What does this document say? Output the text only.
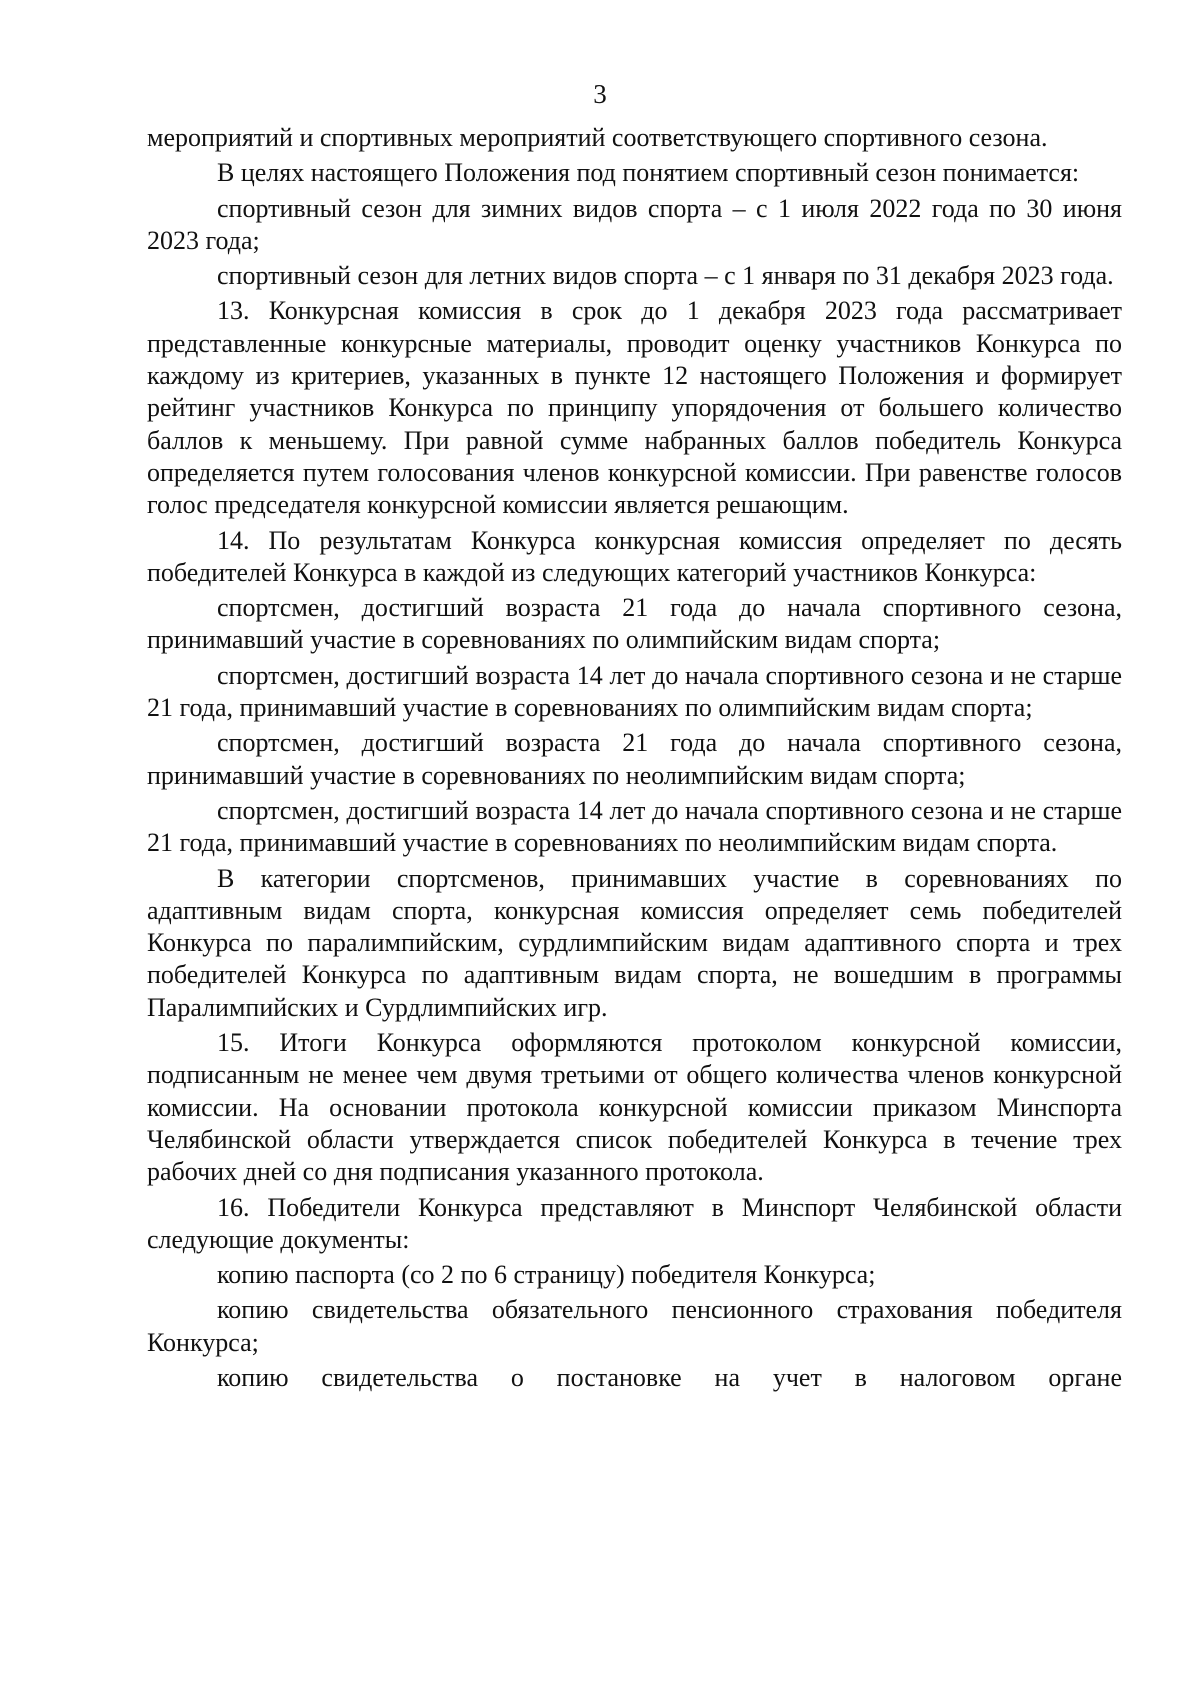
3

мероприятий и спортивных мероприятий соответствующего спортивного сезона.

В целях настоящего Положения под понятием спортивный сезон понимается:

спортивный сезон для зимних видов спорта – с 1 июля 2022 года по 30 июня 2023 года;

спортивный сезон для летних видов спорта – с 1 января по 31 декабря 2023 года.

13. Конкурсная комиссия в срок до 1 декабря 2023 года рассматривает представленные конкурсные материалы, проводит оценку участников Конкурса по каждому из критериев, указанных в пункте 12 настоящего Положения и формирует рейтинг участников Конкурса по принципу упорядочения от большего количество баллов к меньшему. При равной сумме набранных баллов победитель Конкурса определяется путем голосования членов конкурсной комиссии. При равенстве голосов голос председателя конкурсной комиссии является решающим.

14. По результатам Конкурса конкурсная комиссия определяет по десять победителей Конкурса в каждой из следующих категорий участников Конкурса:

спортсмен, достигший возраста 21 года до начала спортивного сезона, принимавший участие в соревнованиях по олимпийским видам спорта;

спортсмен, достигший возраста 14 лет до начала спортивного сезона и не старше 21 года, принимавший участие в соревнованиях по олимпийским видам спорта;

спортсмен, достигший возраста 21 года до начала спортивного сезона, принимавший участие в соревнованиях по неолимпийским видам спорта;

спортсмен, достигший возраста 14 лет до начала спортивного сезона и не старше 21 года, принимавший участие в соревнованиях по неолимпийским видам спорта.

В категории спортсменов, принимавших участие в соревнованиях по адаптивным видам спорта, конкурсная комиссия определяет семь победителей Конкурса по паралимпийским, сурдлимпийским видам адаптивного спорта и трех победителей Конкурса по адаптивным видам спорта, не вошедшим в программы Паралимпийских и Сурдлимпийских игр.

15. Итоги Конкурса оформляются протоколом конкурсной комиссии, подписанным не менее чем двумя третьими от общего количества членов конкурсной комиссии. На основании протокола конкурсной комиссии приказом Минспорта Челябинской области утверждается список победителей Конкурса в течение трех рабочих дней со дня подписания указанного протокола.

16. Победители Конкурса представляют в Минспорт Челябинской области следующие документы:

копию паспорта (со 2 по 6 страницу) победителя Конкурса;

копию свидетельства обязательного пенсионного страхования победителя Конкурса;

копию свидетельства о постановке на учет в налоговом органе
